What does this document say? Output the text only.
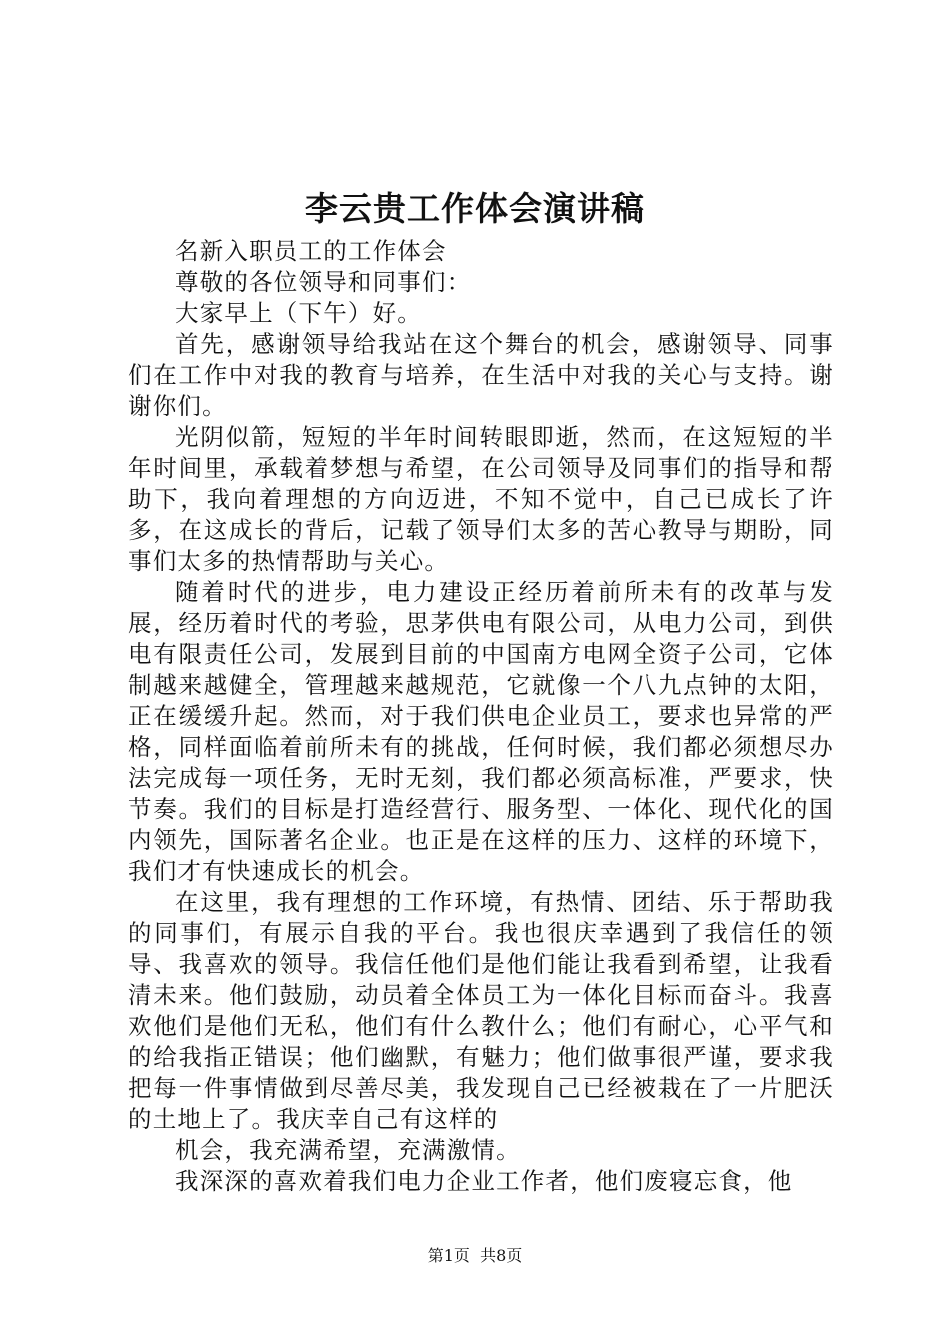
李云贵工作体会演讲稿

名新入职员工的工作体会

尊敬的各位领导和同事们：

大家早上（下午）好。

首先，感谢领导给我站在这个舞台的机会，感谢领导、同事们在工作中对我的教育与培养，在生活中对我的关心与支持。谢谢你们。

光阴似箭，短短的半年时间转眼即逝，然而，在这短短的半年时间里，承载着梦想与希望，在公司领导及同事们的指导和帮助下，我向着理想的方向迈进，不知不觉中，自己已成长了许多，在这成长的背后，记载了领导们太多的苦心教导与期盼，同事们太多的热情帮助与关心。

随着时代的进步，电力建设正经历着前所未有的改革与发展，经历着时代的考验，思茅供电有限公司，从电力公司，到供电有限责任公司，发展到目前的中国南方电网全资子公司，它体制越来越健全，管理越来越规范，它就像一个八九点钟的太阳，正在缓缓升起。然而，对于我们供电企业员工，要求也异常的严格，同样面临着前所未有的挑战，任何时候，我们都必须想尽办法完成每一项任务，无时无刻，我们都必须高标准，严要求，快节奏。我们的目标是打造经营行、服务型、一体化、现代化的国内领先，国际著名企业。也正是在这样的压力、这样的环境下，我们才有快速成长的机会。

在这里，我有理想的工作环境，有热情、团结、乐于帮助我的同事们，有展示自我的平台。我也很庆幸遇到了我信任的领导、我喜欢的领导。我信任他们是他们能让我看到希望，让我看清未来。他们鼓励，动员着全体员工为一体化目标而奋斗。我喜欢他们是他们无私，他们有什么教什么；他们有耐心，心平气和的给我指正错误；他们幽默，有魅力；他们做事很严谨，要求我把每一件事情做到尽善尽美，我发现自己已经被栽在了一片肥沃的土地上了。我庆幸自己有这样的

机会，我充满希望，充满激情。

我深深的喜欢着我们电力企业工作者，他们废寝忘食，他

第1页 共8页
